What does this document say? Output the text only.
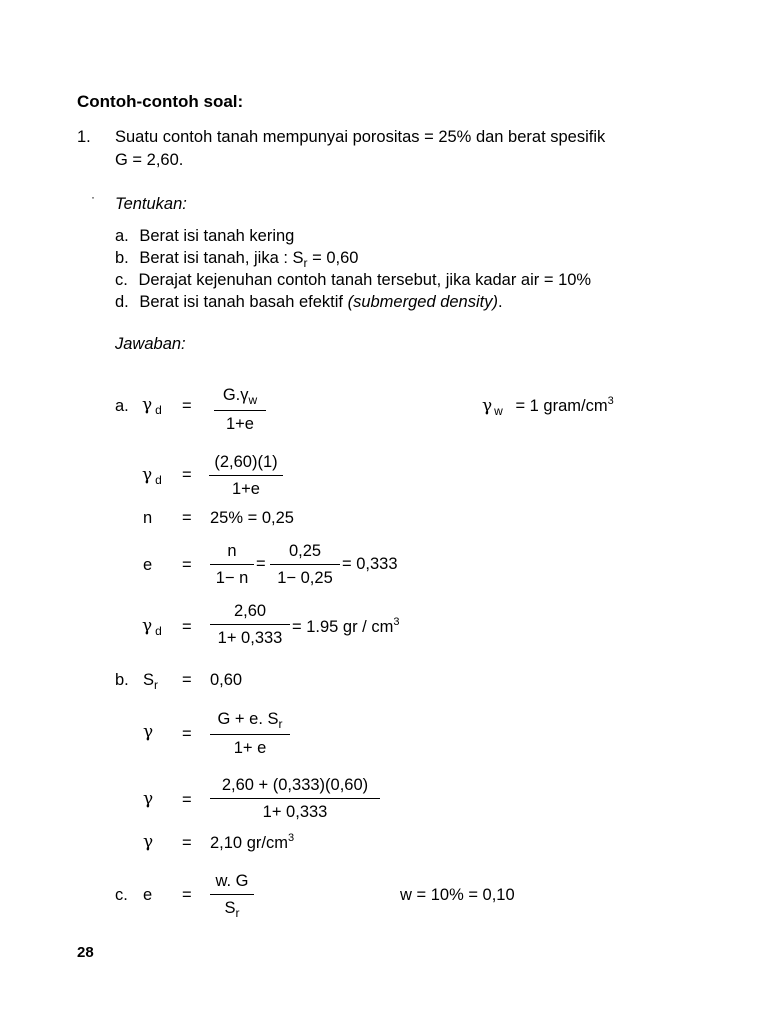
Contoh-contoh soal:
1. Suatu contoh tanah mempunyai porositas = 25% dan berat spesifik
G = 2,60.
· Tentukan:
a. Berat isi tanah kering
b. Berat isi tanah, jika : $S_r = 0,60$
c. Derajat kejenuhan contoh tanah tersebut, jika kadar air = 10%
d. Berat isi tanah basah efektif (submerged density).
Jawaban:
a. γ $_d$ =
$G.\gamma_w$
1+e
γ $_w$ = 1 gram/$cm^3$
γ $_d$ =
(2,60)(1)
1+e
n = 25% = 0,25
e =
n
1− n
=
0,25
1− 0,25
= 0,333
γ $_d$ =
2,60
1+ 0,333
= 1.95 gr / $cm^3$
b. $S_r = 0,60$
γ =
G + e. $S_r$
1+ e
γ =
2,60 + (0,333)(0,60)
1+ 0,333
γ = 2,10 $gr/cm^3$
c. e =
w. G
$S_r$
w = 10% = 0,10
28
